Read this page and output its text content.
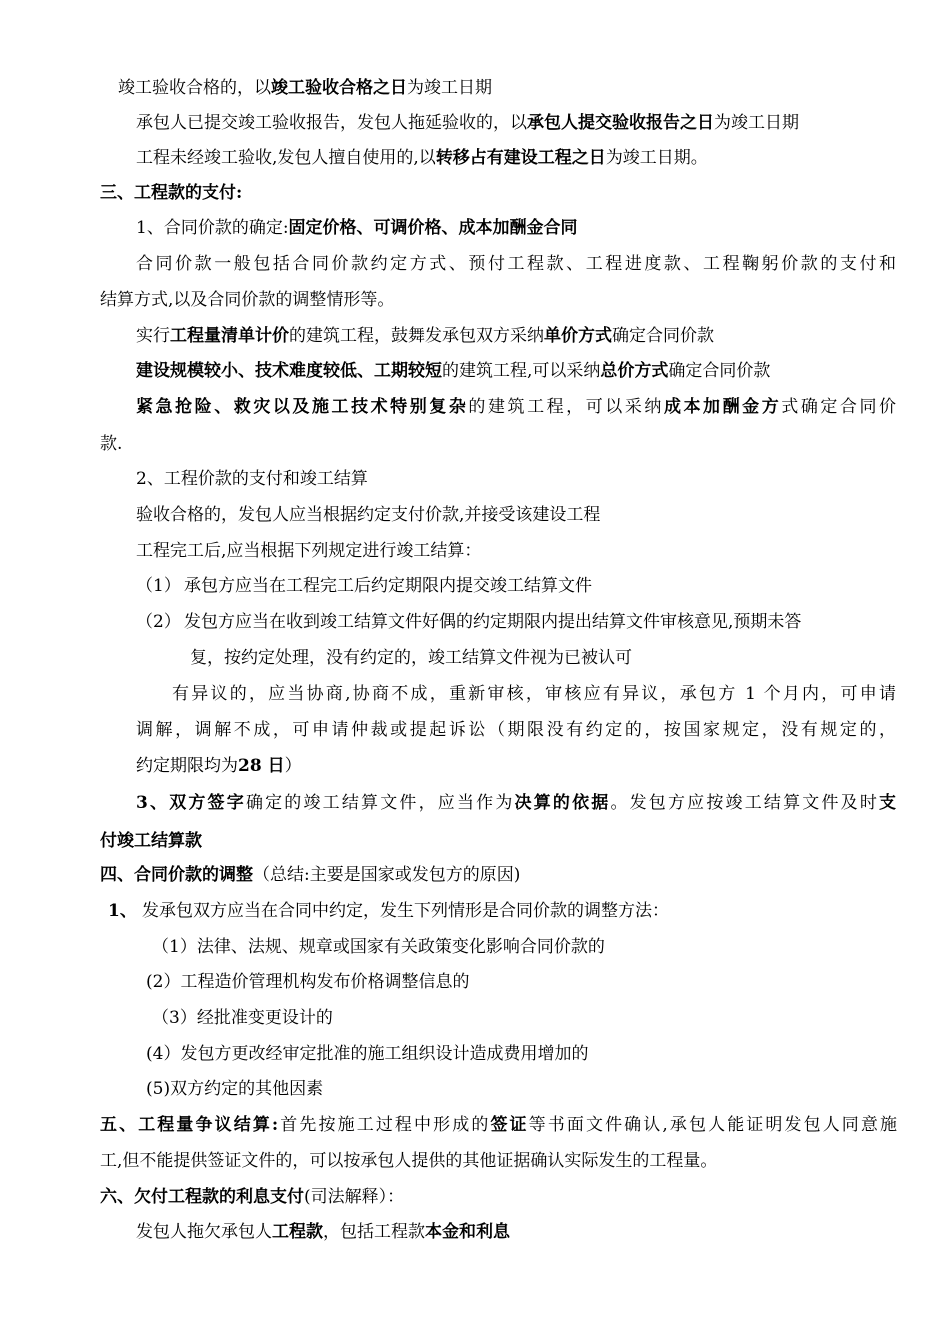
竣工验收合格的，以竣工验收合格之日为竣工日期
承包人已提交竣工验收报告，发包人拖延验收的，以承包人提交验收报告之日为竣工日期
工程未经竣工验收,发包人擅自使用的,以转移占有建设工程之日为竣工日期。
三、工程款的支付:
1、合同价款的确定:固定价格、可调价格、成本加酬金合同
合同价款一般包括合同价款约定方式、预付工程款、工程进度款、工程鞠躬价款的支付和
结算方式,以及合同价款的调整情形等。
实行工程量清单计价的建筑工程，鼓舞发承包双方采纳单价方式确定合同价款
建设规模较小、技术难度较低、工期较短的建筑工程,可以采纳总价方式确定合同价款
紧急抢险、救灾以及施工技术特别复杂的建筑工程，可以采纳成本加酬金方式确定合同价
款.
2、工程价款的支付和竣工结算
验收合格的，发包人应当根据约定支付价款,并接受该建设工程
工程完工后,应当根据下列规定进行竣工结算：
（1） 承包方应当在工程完工后约定期限内提交竣工结算文件
（2） 发包方应当在收到竣工结算文件好偶的约定期限内提出结算文件审核意见,预期未答
复，按约定处理，没有约定的，竣工结算文件视为已被认可
有异议的，应当协商,协商不成，重新审核，审核应有异议，承包方 1 个月内，可申请
调解，调解不成，可申请仲裁或提起诉讼（期限没有约定的，按国家规定，没有规定的，
约定期限均为28 日）
3、双方签字确定的竣工结算文件，应当作为决算的依据。发包方应按竣工结算文件及时支
付竣工结算款
四、合同价款的调整（总结:主要是国家或发包方的原因)
1、 发承包双方应当在合同中约定，发生下列情形是合同价款的调整方法：
（1）法律、法规、规章或国家有关政策变化影响合同价款的
(2）工程造价管理机构发布价格调整信息的
（3）经批准变更设计的
(4）发包方更改经审定批准的施工组织设计造成费用增加的
(5)双方约定的其他因素
五、工程量争议结算:首先按施工过程中形成的签证等书面文件确认,承包人能证明发包人同意施
工,但不能提供签证文件的，可以按承包人提供的其他证据确认实际发生的工程量。
六、欠付工程款的利息支付(司法解释）：
发包人拖欠承包人工程款，包括工程款本金和利息
